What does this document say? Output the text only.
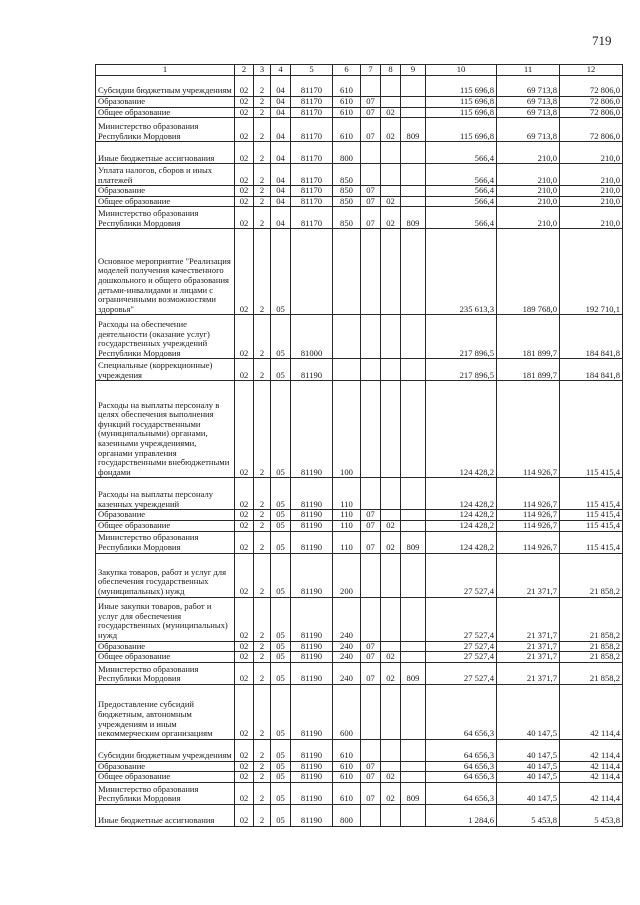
719
1	2	3	4	5	6	7	8	9	10	11	12
Субсидии бюджетным учреждениям	02	2	04	81170	610				115 696,8	69 713,8	72 806,0
Образование	02	2	04	81170	610	07			115 696,8	69 713,8	72 806,0
Общее образование	02	2	04	81170	610	07	02		115 696,8	69 713,8	72 806,0
Министерство образования Республики Мордовия	02	2	04	81170	610	07	02	809	115 696,8	69 713,8	72 806,0
Иные бюджетные ассигнования	02	2	04	81170	800				566,4	210,0	210,0
Уплата налогов, сборов и иных платежей	02	2	04	81170	850				566,4	210,0	210,0
Образование	02	2	04	81170	850	07			566,4	210,0	210,0
Общее образование	02	2	04	81170	850	07	02		566,4	210,0	210,0
Министерство образования Республики Мордовия	02	2	04	81170	850	07	02	809	566,4	210,0	210,0
Основное мероприятие "Реализация моделей получения качественного дошкольного и общего образования детьми-инвалидами и лицами с ограниченными возможностями здоровья"	02	2	05						235 613,3	189 768,0	192 710,1
Расходы на обеспечение деятельности (оказание услуг) государственных учреждений Республики Мордовия	02	2	05	81000					217 896,5	181 899,7	184 841,8
Специальные (коррекционные) учреждения	02	2	05	81190					217 896,5	181 899,7	184 841,8
Расходы на выплаты персоналу в целях обеспечения выполнения функций государственными (муниципальными) органами, казенными учреждениями, органами управления государственными внебюджетными фондами	02	2	05	81190	100				124 428,2	114 926,7	115 415,4
Расходы на выплаты персоналу казенных учреждений	02	2	05	81190	110				124 428,2	114 926,7	115 415,4
Образование	02	2	05	81190	110	07			124 428,2	114 926,7	115 415,4
Общее образование	02	2	05	81190	110	07	02		124 428,2	114 926,7	115 415,4
Министерство образования Республики Мордовия	02	2	05	81190	110	07	02	809	124 428,2	114 926,7	115 415,4
Закупка товаров, работ и услуг для обеспечения государственных (муниципальных) нужд	02	2	05	81190	200				27 527,4	21 371,7	21 858,2
Иные закупки товаров, работ и услуг для обеспечения государственных (муниципальных) нужд	02	2	05	81190	240				27 527,4	21 371,7	21 858,2
Образование	02	2	05	81190	240	07			27 527,4	21 371,7	21 858,2
Общее образование	02	2	05	81190	240	07	02		27 527,4	21 371,7	21 858,2
Министерство образования Республики Мордовия	02	2	05	81190	240	07	02	809	27 527,4	21 371,7	21 858,2
Предоставление субсидий бюджетным, автономным учреждениям и иным некоммерческим организациям	02	2	05	81190	600				64 656,3	40 147,5	42 114,4
Субсидии бюджетным учреждениям	02	2	05	81190	610				64 656,3	40 147,5	42 114,4
Образование	02	2	05	81190	610	07			64 656,3	40 147,5	42 114,4
Общее образование	02	2	05	81190	610	07	02		64 656,3	40 147,5	42 114,4
Министерство образования Республики Мордовия	02	2	05	81190	610	07	02	809	64 656,3	40 147,5	42 114,4
Иные бюджетные ассигнования	02	2	05	81190	800				1 284,6	5 453,8	5 453,8
